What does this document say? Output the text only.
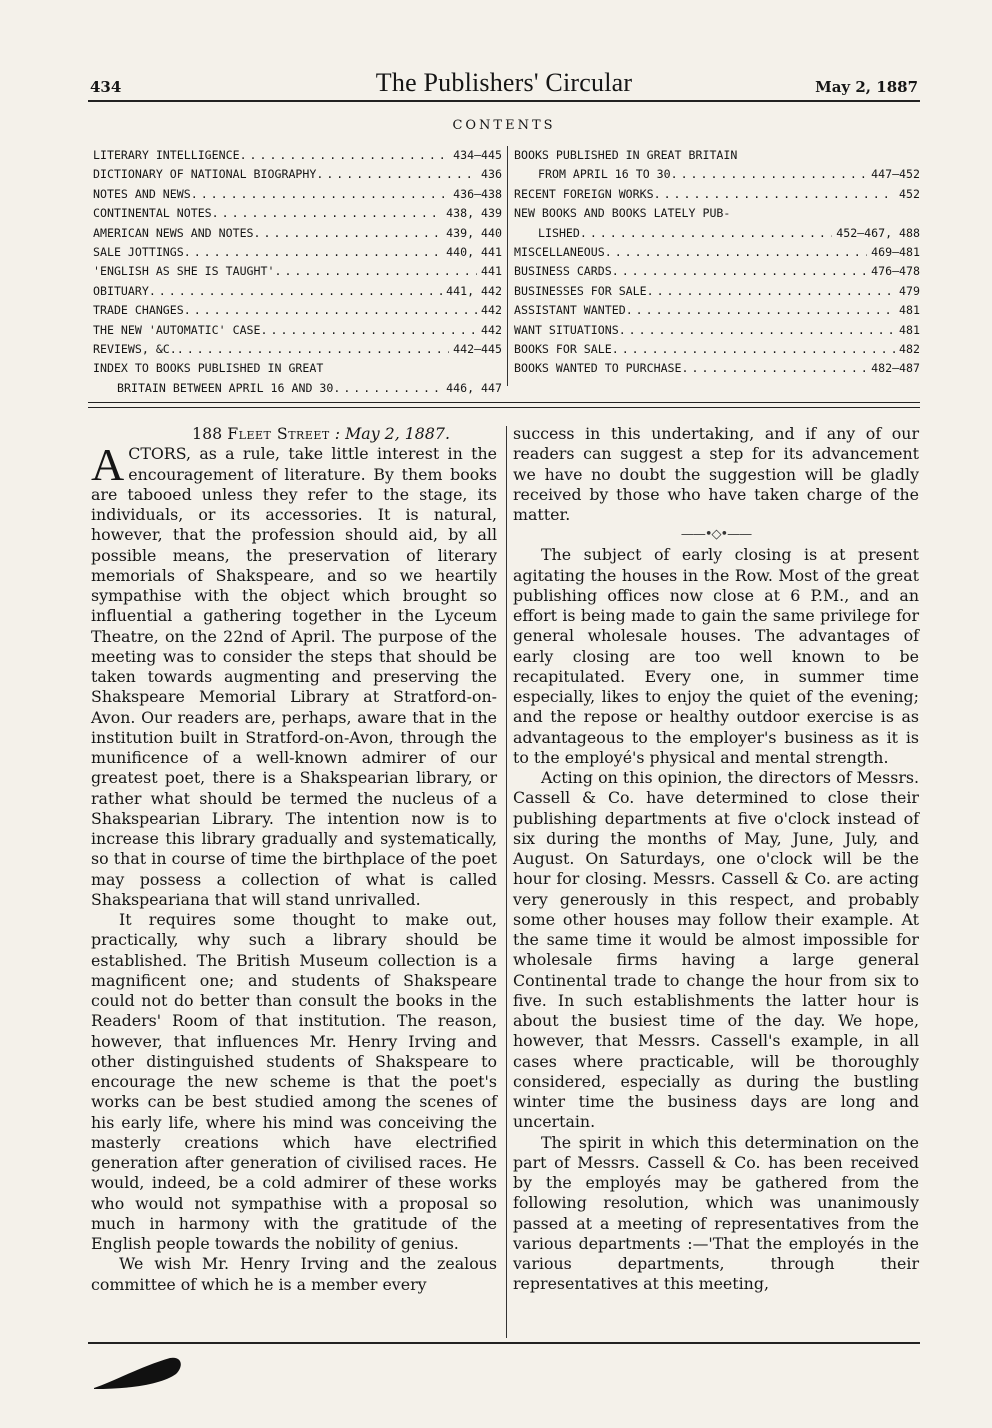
434	The Publishers' Circular	May 2, 1887
CONTENTS
LITERARY INTELLIGENCE . . .	434—445
DICTIONARY OF NATIONAL BIOGRAPHY . . .	436
NOTES AND NEWS . . .	436—438
CONTINENTAL NOTES . . .	438, 439
AMERICAN NEWS AND NOTES . . .	439, 440
SALE JOTTINGS . . .	440, 441
'ENGLISH AS SHE IS TAUGHT' . . .	441
OBITUARY . . .	441, 442
TRADE CHANGES . . .	442
THE NEW 'AUTOMATIC' CASE . . .	442
REVIEWS, &C. . . .	442—445
INDEX TO BOOKS PUBLISHED IN GREAT
BRITAIN BETWEEN APRIL 16 AND 30 . . .	446, 447
BOOKS PUBLISHED IN GREAT BRITAIN
FROM APRIL 16 TO 30 . . .	447—452
RECENT FOREIGN WORKS . . .	452
NEW BOOKS AND BOOKS LATELY PUB-
LISHED . . .	452—467, 488
MISCELLANEOUS . . .	469—481
BUSINESS CARDS . . .	476—478
BUSINESSES FOR SALE . . .	479
ASSISTANT WANTED . . .	481
WANT SITUATIONS . . .	481
BOOKS FOR SALE . . .	482
BOOKS WANTED TO PURCHASE . . .	482—487

188 Fleet Street : May 2, 1887.

ACTORS, as a rule, take little interest in the encouragement of literature. By them books are tabooed unless they refer to the stage, its individuals, or its accessories. It is natural, however, that the profession should aid, by all possible means, the preservation of literary memorials of Shakspeare, and so we heartily sympathise with the object which brought so influential a gathering together in the Lyceum Theatre, on the 22nd of April. The purpose of the meeting was to consider the steps that should be taken towards augmenting and preserving the Shakspeare Memorial Library at Stratford-on-Avon. Our readers are, perhaps, aware that in the institution built in Stratford-on-Avon, through the munificence of a well-known admirer of our greatest poet, there is a Shakspearian library, or rather what should be termed the nucleus of a Shakspearian Library. The intention now is to increase this library gradually and systematically, so that in course of time the birthplace of the poet may possess a collection of what is called Shakspeariana that will stand unrivalled.

It requires some thought to make out, practically, why such a library should be established. The British Museum collection is a magnificent one; and students of Shakspeare could not do better than consult the books in the Readers' Room of that institution. The reason, however, that influences Mr. Henry Irving and other distinguished students of Shakspeare to encourage the new scheme is that the poet's works can be best studied among the scenes of his early life, where his mind was conceiving the masterly creations which have electrified generation after generation of civilised races. He would, indeed, be a cold admirer of these works who would not sympathise with a proposal so much in harmony with the gratitude of the English people towards the nobility of genius.

We wish Mr. Henry Irving and the zealous committee of which he is a member every

success in this undertaking, and if any of our readers can suggest a step for its advancement we have no doubt the suggestion will be gladly received by those who have taken charge of the matter.

——•◇•——

The subject of early closing is at present agitating the houses in the Row. Most of the great publishing offices now close at 6 P.M., and an effort is being made to gain the same privilege for general wholesale houses. The advantages of early closing are too well known to be recapitulated. Every one, in summer time especially, likes to enjoy the quiet of the evening; and the repose or healthy outdoor exercise is as advantageous to the employer's business as it is to the employé's physical and mental strength.

Acting on this opinion, the directors of Messrs. Cassell & Co. have determined to close their publishing departments at five o'clock instead of six during the months of May, June, July, and August. On Saturdays, one o'clock will be the hour for closing. Messrs. Cassell & Co. are acting very generously in this respect, and probably some other houses may follow their example. At the same time it would be almost impossible for wholesale firms having a large general Continental trade to change the hour from six to five. In such establishments the latter hour is about the busiest time of the day. We hope, however, that Messrs. Cassell's example, in all cases where practicable, will be thoroughly considered, especially as during the bustling winter time the business days are long and uncertain.

The spirit in which this determination on the part of Messrs. Cassell & Co. has been received by the employés may be gathered from the following resolution, which was unanimously passed at a meeting of representatives from the various departments :—'That the employés in the various departments, through their representatives at this meeting,
